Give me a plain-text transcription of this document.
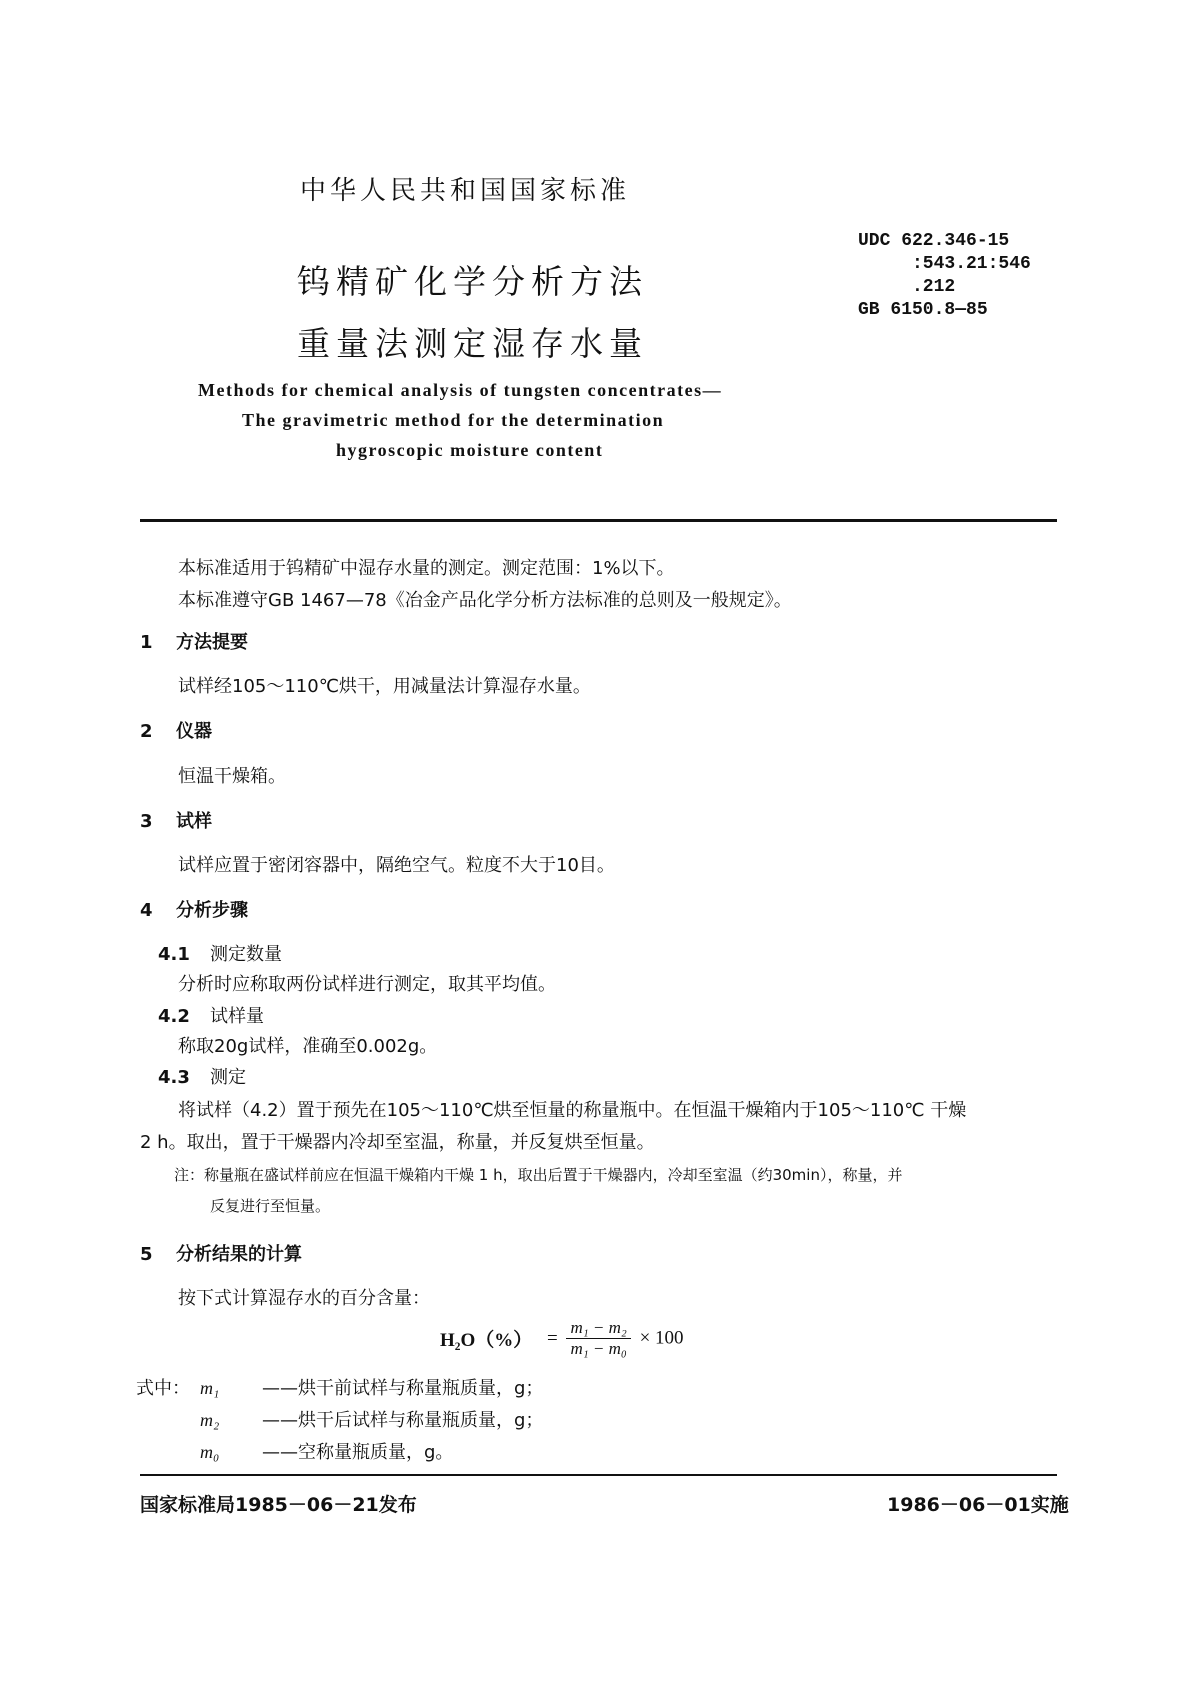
中华人民共和国国家标准
UDC 622.346-15
:543.21:546
.212
GB 6150.8—85
钨精矿化学分析方法
重量法测定湿存水量
Methods for chemical analysis of tungsten concentrates—
The gravimetric method for the determination
hygroscopic moisture content
本标准适用于钨精矿中湿存水量的测定。测定范围：1%以下。
本标准遵守GB 1467—78《冶金产品化学分析方法标准的总则及一般规定》。
1 方法提要
试样经105～110℃烘干，用减量法计算湿存水量。
2 仪器
恒温干燥箱。
3 试样
试样应置于密闭容器中，隔绝空气。粒度不大于10目。
4 分析步骤
4.1 测定数量
分析时应称取两份试样进行测定，取其平均值。
4.2 试样量
称取20g试样，准确至0.002g。
4.3 测定
将试样（4.2）置于预先在105～110℃烘至恒量的称量瓶中。在恒温干燥箱内于105～110℃ 干燥
2 h。取出，置于干燥器内冷却至室温，称量，并反复烘至恒量。
注：称量瓶在盛试样前应在恒温干燥箱内干燥 1 h，取出后置于干燥器内，冷却至室温（约30min），称量，并
反复进行至恒量。
5 分析结果的计算
按下式计算湿存水的百分含量：
$H_2O(\%) = \frac{\text{m₁ − m₂}}{\text{m₁ − m₀}} \times 100$
式中： m₁ ——烘干前试样与称量瓶质量，g；
m₂ ——烘干后试样与称量瓶质量，g；
m₀ ——空称量瓶质量，g。
国家标准局1985－06－21发布	1986－06－01实施
